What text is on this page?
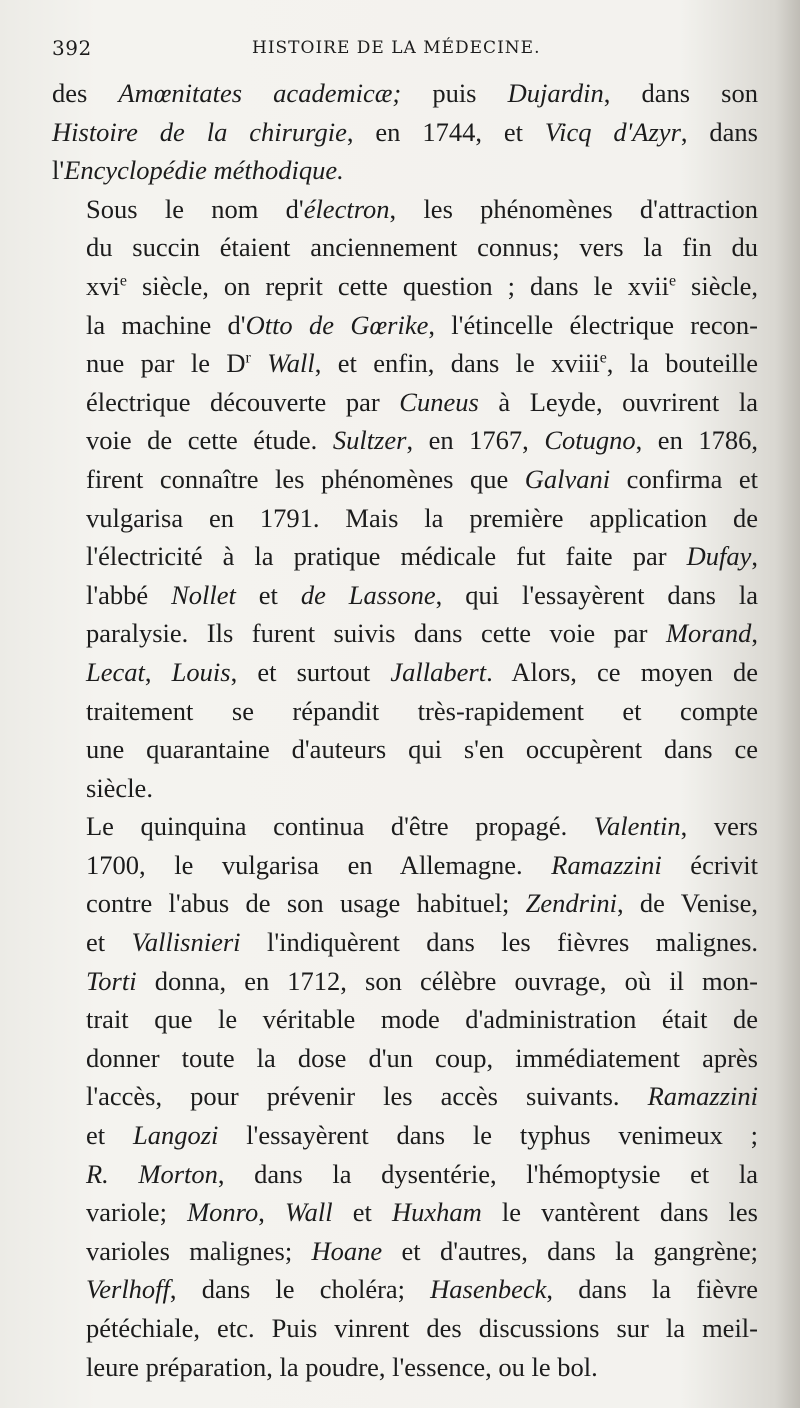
392	HISTOIRE DE LA MÉDECINE.

des Amœnitates academicæ; puis Dujardin, dans son
Histoire de la chirurgie, en 1744, et Vicq d'Azyr, dans
l'Encyclopédie méthodique.

Sous le nom d'électron, les phénomènes d'attraction
du succin étaient anciennement connus; vers la fin du
xvi$^e$ siècle, on reprit cette question ; dans le xvii$^e$ siècle,
la machine d'Otto de Gœrike, l'étincelle électrique recon-
nue par le $D^r$ Wall, et enfin, dans le xviii$^e$, la bouteille
électrique découverte par Cuneus à Leyde, ouvrirent la
voie de cette étude. Sultzer, en 1767, Cotugno, en 1786,
firent connaître les phénomènes que Galvani confirma et
vulgarisa en 1791. Mais la première application de
l'électricité à la pratique médicale fut faite par Dufay,
l'abbé Nollet et de Lassone, qui l'essayèrent dans la
paralysie. Ils furent suivis dans cette voie par Morand,
Lecat, Louis, et surtout Jallabert. Alors, ce moyen de
traitement se répandit très-rapidement et compte
une quarantaine d'auteurs qui s'en occupèrent dans ce
siècle.

Le quinquina continua d'être propagé. Valentin, vers
1700, le vulgarisa en Allemagne. Ramazzini écrivit
contre l'abus de son usage habituel; Zendrini, de Venise,
et Vallisnieri l'indiquèrent dans les fièvres malignes.
Torti donna, en 1712, son célèbre ouvrage, où il mon-
trait que le véritable mode d'administration était de
donner toute la dose d'un coup, immédiatement après
l'accès, pour prévenir les accès suivants. Ramazzini
et Langozi l'essayèrent dans le typhus venimeux ;
R. Morton, dans la dysentérie, l'hémoptysie et la
variole; Monro, Wall et Huxham le vantèrent dans les
varioles malignes; Hoane et d'autres, dans la gangrène;
Verlhoff, dans le choléra; Hasenbeck, dans la fièvre
pétéchiale, etc. Puis vinrent des discussions sur la meil-
leure préparation, la poudre, l'essence, ou le bol.
